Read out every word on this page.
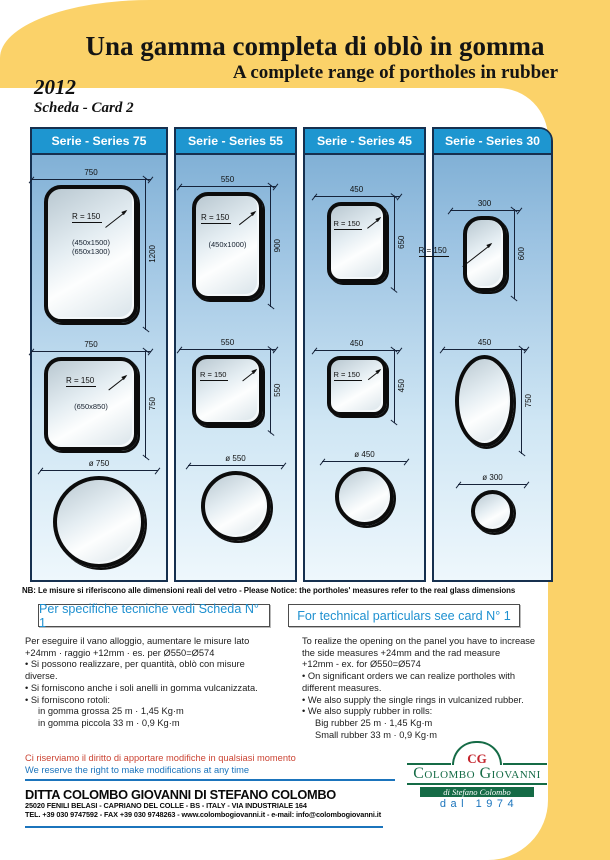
Una gamma completa di oblò in gomma
A complete range of portholes in rubber
2012
Scheda - Card 2
Serie - Series 75
750
R = 150
(450x1500)
(650x1300)	1200
750
R = 150
(650x850)	750
ø 750
Serie - Series 55
550
R = 150
(450x1000)	900
550
R = 150
550
ø 550
Serie - Series 45
450
R = 150
650
450
R = 150
450
ø 450
Serie - Series 30
300
R = 150	600
450
750
ø 300
NB: Le misure si riferiscono alle dimensioni reali del vetro - Please Notice: the portholes' measures refer to the real glass dimensions
Per specifiche tecniche vedi Scheda N° 1	For technical particulars see card N° 1
Per eseguire il vano alloggio, aumentare le misure lato
+24mm · raggio +12mm · es. per Ø550=Ø574
• Si possono realizzare, per quantità, oblò con misure
diverse.
• Si forniscono anche i soli anelli in gomma vulcanizzata.
• Si forniscono rotoli:
in gomma grossa 25 m · 1,45 Kg·m
in gomma piccola 33 m · 0,9 Kg·m
To realize the opening on the panel you have to increase
the side measures +24mm and the rad measure
+12mm - ex. for Ø550=Ø574
• On significant orders we can realize portholes with
different measures.
• We also supply the single rings in vulcanized rubber.
• We also supply rubber in rolls:
Big rubber 25 m · 1,45 Kg·m
Small rubber 33 m · 0,9 Kg·m
Ci riserviamo il diritto di apportare modifiche in qualsiasi momento
We reserve the right to make modifications at any time
DITTA COLOMBO GIOVANNI DI STEFANO COLOMBO
25020 FENILI BELASI - CAPRIANO DEL COLLE - BS - ITALY - VIA INDUSTRIALE 164
TEL. +39 030 9747592 - FAX +39 030 9748263 - www.colombogiovanni.it - e-mail: info@colombogiovanni.it
CG
Colombo Giovanni
di Stefano Colombo
dal 1974
